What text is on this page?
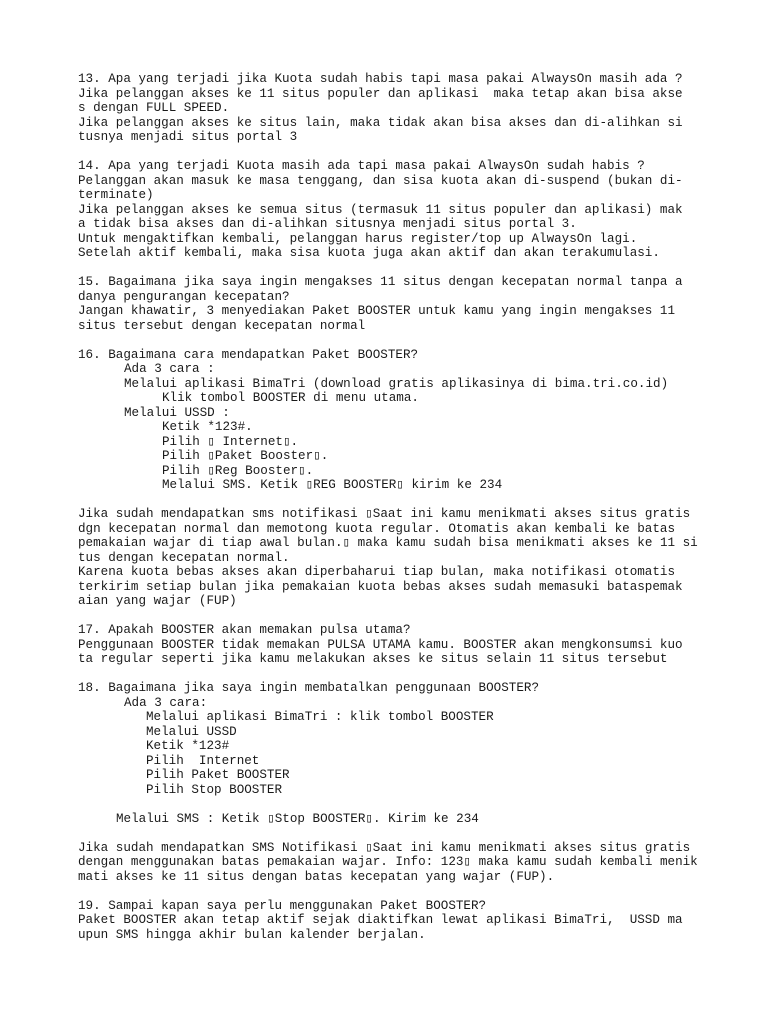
13. Apa yang terjadi jika Kuota sudah habis tapi masa pakai AlwaysOn masih ada ?
Jika pelanggan akses ke 11 situs populer dan aplikasi  maka tetap akan bisa akse
s dengan FULL SPEED.
Jika pelanggan akses ke situs lain, maka tidak akan bisa akses dan di-alihkan si
tusnya menjadi situs portal 3
14. Apa yang terjadi Kuota masih ada tapi masa pakai AlwaysOn sudah habis ?
Pelanggan akan masuk ke masa tenggang, dan sisa kuota akan di-suspend (bukan di-
terminate)
Jika pelanggan akses ke semua situs (termasuk 11 situs populer dan aplikasi) mak
a tidak bisa akses dan di-alihkan situsnya menjadi situs portal 3.
Untuk mengaktifkan kembali, pelanggan harus register/top up AlwaysOn lagi.
Setelah aktif kembali, maka sisa kuota juga akan aktif dan akan terakumulasi.
15. Bagaimana jika saya ingin mengakses 11 situs dengan kecepatan normal tanpa a
danya pengurangan kecepatan?
Jangan khawatir, 3 menyediakan Paket BOOSTER untuk kamu yang ingin mengakses 11
situs tersebut dengan kecepatan normal
16. Bagaimana cara mendapatkan Paket BOOSTER?
Ada 3 cara :
Melalui aplikasi BimaTri (download gratis aplikasinya di bima.tri.co.id)
Klik tombol BOOSTER di menu utama.
Melalui USSD :
Ketik *123#.
Pilih ▯ Internet▯.
Pilih ▯Paket Booster▯.
Pilih ▯Reg Booster▯.
Melalui SMS. Ketik ▯REG BOOSTER▯ kirim ke 234
Jika sudah mendapatkan sms notifikasi ▯Saat ini kamu menikmati akses situs gratis
dgn kecepatan normal dan memotong kuota regular. Otomatis akan kembali ke batas
pemakaian wajar di tiap awal bulan.▯ maka kamu sudah bisa menikmati akses ke 11 si
tus dengan kecepatan normal.
Karena kuota bebas akses akan diperbaharui tiap bulan, maka notifikasi otomatis
terkirim setiap bulan jika pemakaian kuota bebas akses sudah memasuki bataspemak
aian yang wajar (FUP)
17. Apakah BOOSTER akan memakan pulsa utama?
Penggunaan BOOSTER tidak memakan PULSA UTAMA kamu. BOOSTER akan mengkonsumsi kuo
ta regular seperti jika kamu melakukan akses ke situs selain 11 situs tersebut
18. Bagaimana jika saya ingin membatalkan penggunaan BOOSTER?
Ada 3 cara:
Melalui aplikasi BimaTri : klik tombol BOOSTER
Melalui USSD
Ketik *123#
Pilih  Internet
Pilih Paket BOOSTER
Pilih Stop BOOSTER
Melalui SMS : Ketik ▯Stop BOOSTER▯. Kirim ke 234
Jika sudah mendapatkan SMS Notifikasi ▯Saat ini kamu menikmati akses situs gratis
dengan menggunakan batas pemakaian wajar. Info: 123▯ maka kamu sudah kembali menik
mati akses ke 11 situs dengan batas kecepatan yang wajar (FUP).
19. Sampai kapan saya perlu menggunakan Paket BOOSTER?
Paket BOOSTER akan tetap aktif sejak diaktifkan lewat aplikasi BimaTri,  USSD ma
upun SMS hingga akhir bulan kalender berjalan.
